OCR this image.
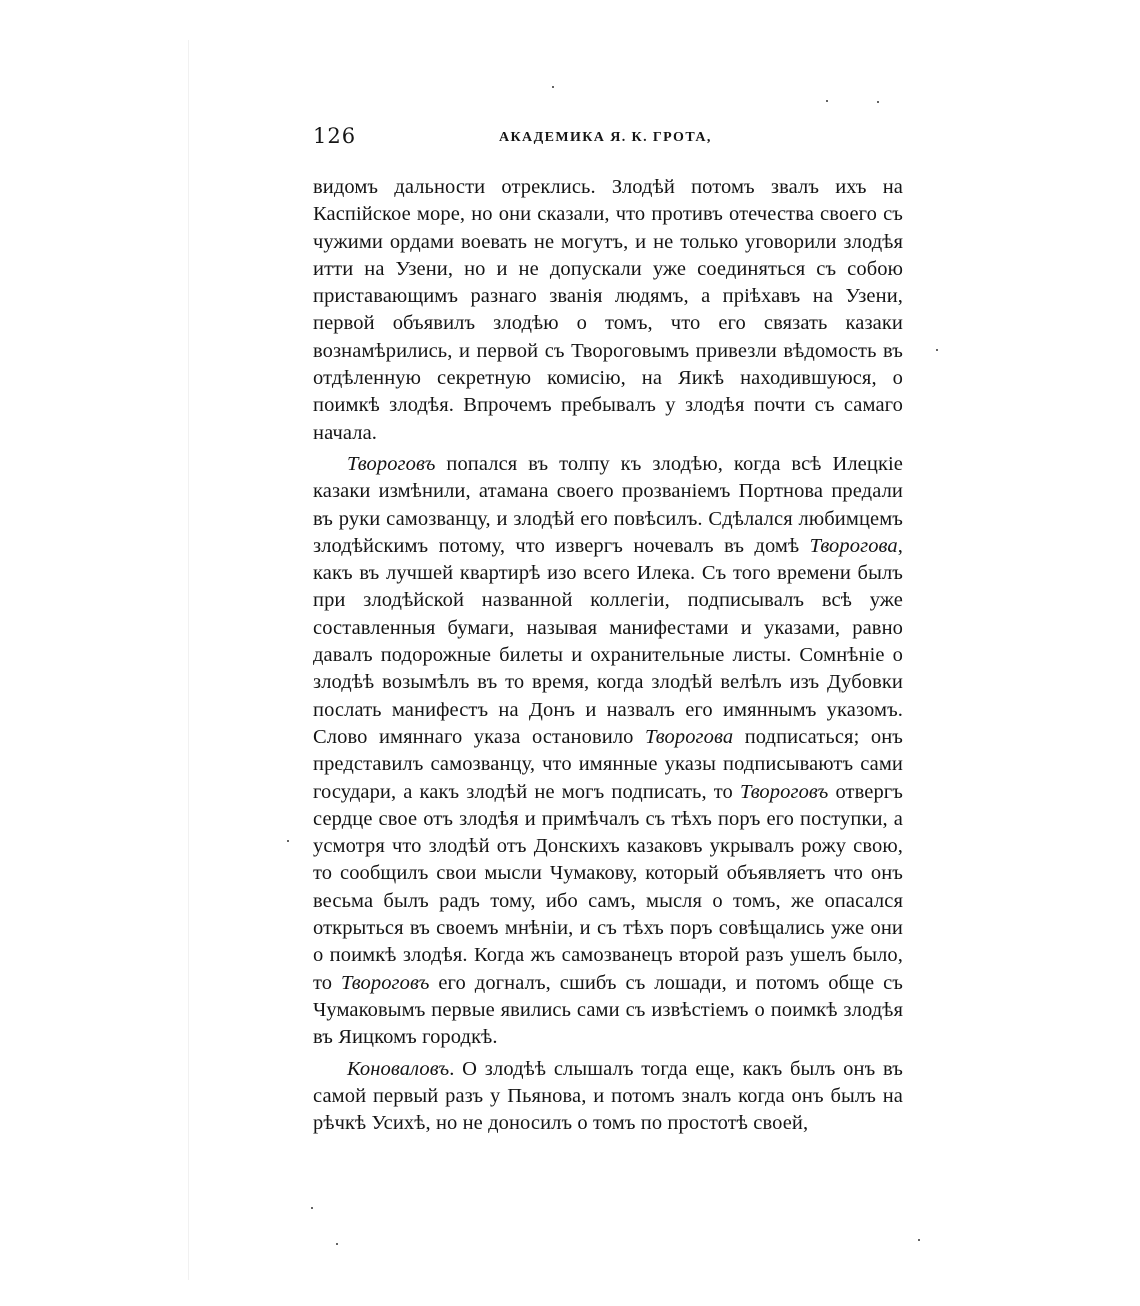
126	АКАДЕМИКА Я. К. ГРОТА,

видомъ дальности отреклись. Злодѣй потомъ звалъ ихъ на Каспійское море, но они сказали, что противъ отечества своего съ чужими ордами воевать не могутъ, и не только уговорили злодѣя итти на Узени, но и не допускали уже соединяться съ собою приставающимъ разнаго званія людямъ, а пріѣхавъ на Узени, первой объявилъ злодѣю о томъ, что его связать казаки вознамѣрились, и первой съ Твороговымъ привезли вѣдомость въ отдѣленную секретную комисію, на Яикѣ находившуюся, о поимкѣ злодѣя. Впрочемъ пребывалъ у злодѣя почти съ самаго начала.

Твороговъ попался въ толпу къ злодѣю, когда всѣ Илецкіе казаки измѣнили, атамана своего прозваніемъ Портнова предали въ руки самозванцу, и злодѣй его повѣсилъ. Сдѣлался любимцемъ злодѣйскимъ потому, что извергъ ночевалъ въ домѣ Творогова, какъ въ лучшей квартирѣ изо всего Илека. Съ того времени былъ при злодѣйской названной коллегіи, подписывалъ всѣ уже составленныя бумаги, называя манифестами и указами, равно давалъ подорожные билеты и охранительные листы. Сомнѣніе о злодѣѣ возымѣлъ въ то время, когда злодѣй велѣлъ изъ Дубовки послать манифестъ на Донъ и назвалъ его имяннымъ указомъ. Слово имяннаго указа остановило Творогова подписаться; онъ представилъ самозванцу, что имянные указы подписываютъ сами государи, а какъ злодѣй не могъ подписать, то Твороговъ отвергъ сердце свое отъ злодѣя и примѣчалъ съ тѣхъ поръ его поступки, а усмотря что злодѣй отъ Донскихъ казаковъ укрывалъ рожу свою, то сообщилъ свои мысли Чумакову, который объявляетъ что онъ весьма былъ радъ тому, ибо самъ, мысля о томъ, же опасался открыться въ своемъ мнѣніи, и съ тѣхъ поръ совѣщались уже они о поимкѣ злодѣя. Когда жъ самозванецъ второй разъ ушелъ было, то Твороговъ его догналъ, сшибъ съ лошади, и потомъ обще съ Чумаковымъ первые явились сами съ извѣстіемъ о поимкѣ злодѣя въ Яицкомъ городкѣ.

Коноваловъ. О злодѣѣ слышалъ тогда еще, какъ былъ онъ въ самой первый разъ у Пьянова, и потомъ зналъ когда онъ былъ на рѣчкѣ Усихѣ, но не доносилъ о томъ по простотѣ своей,
